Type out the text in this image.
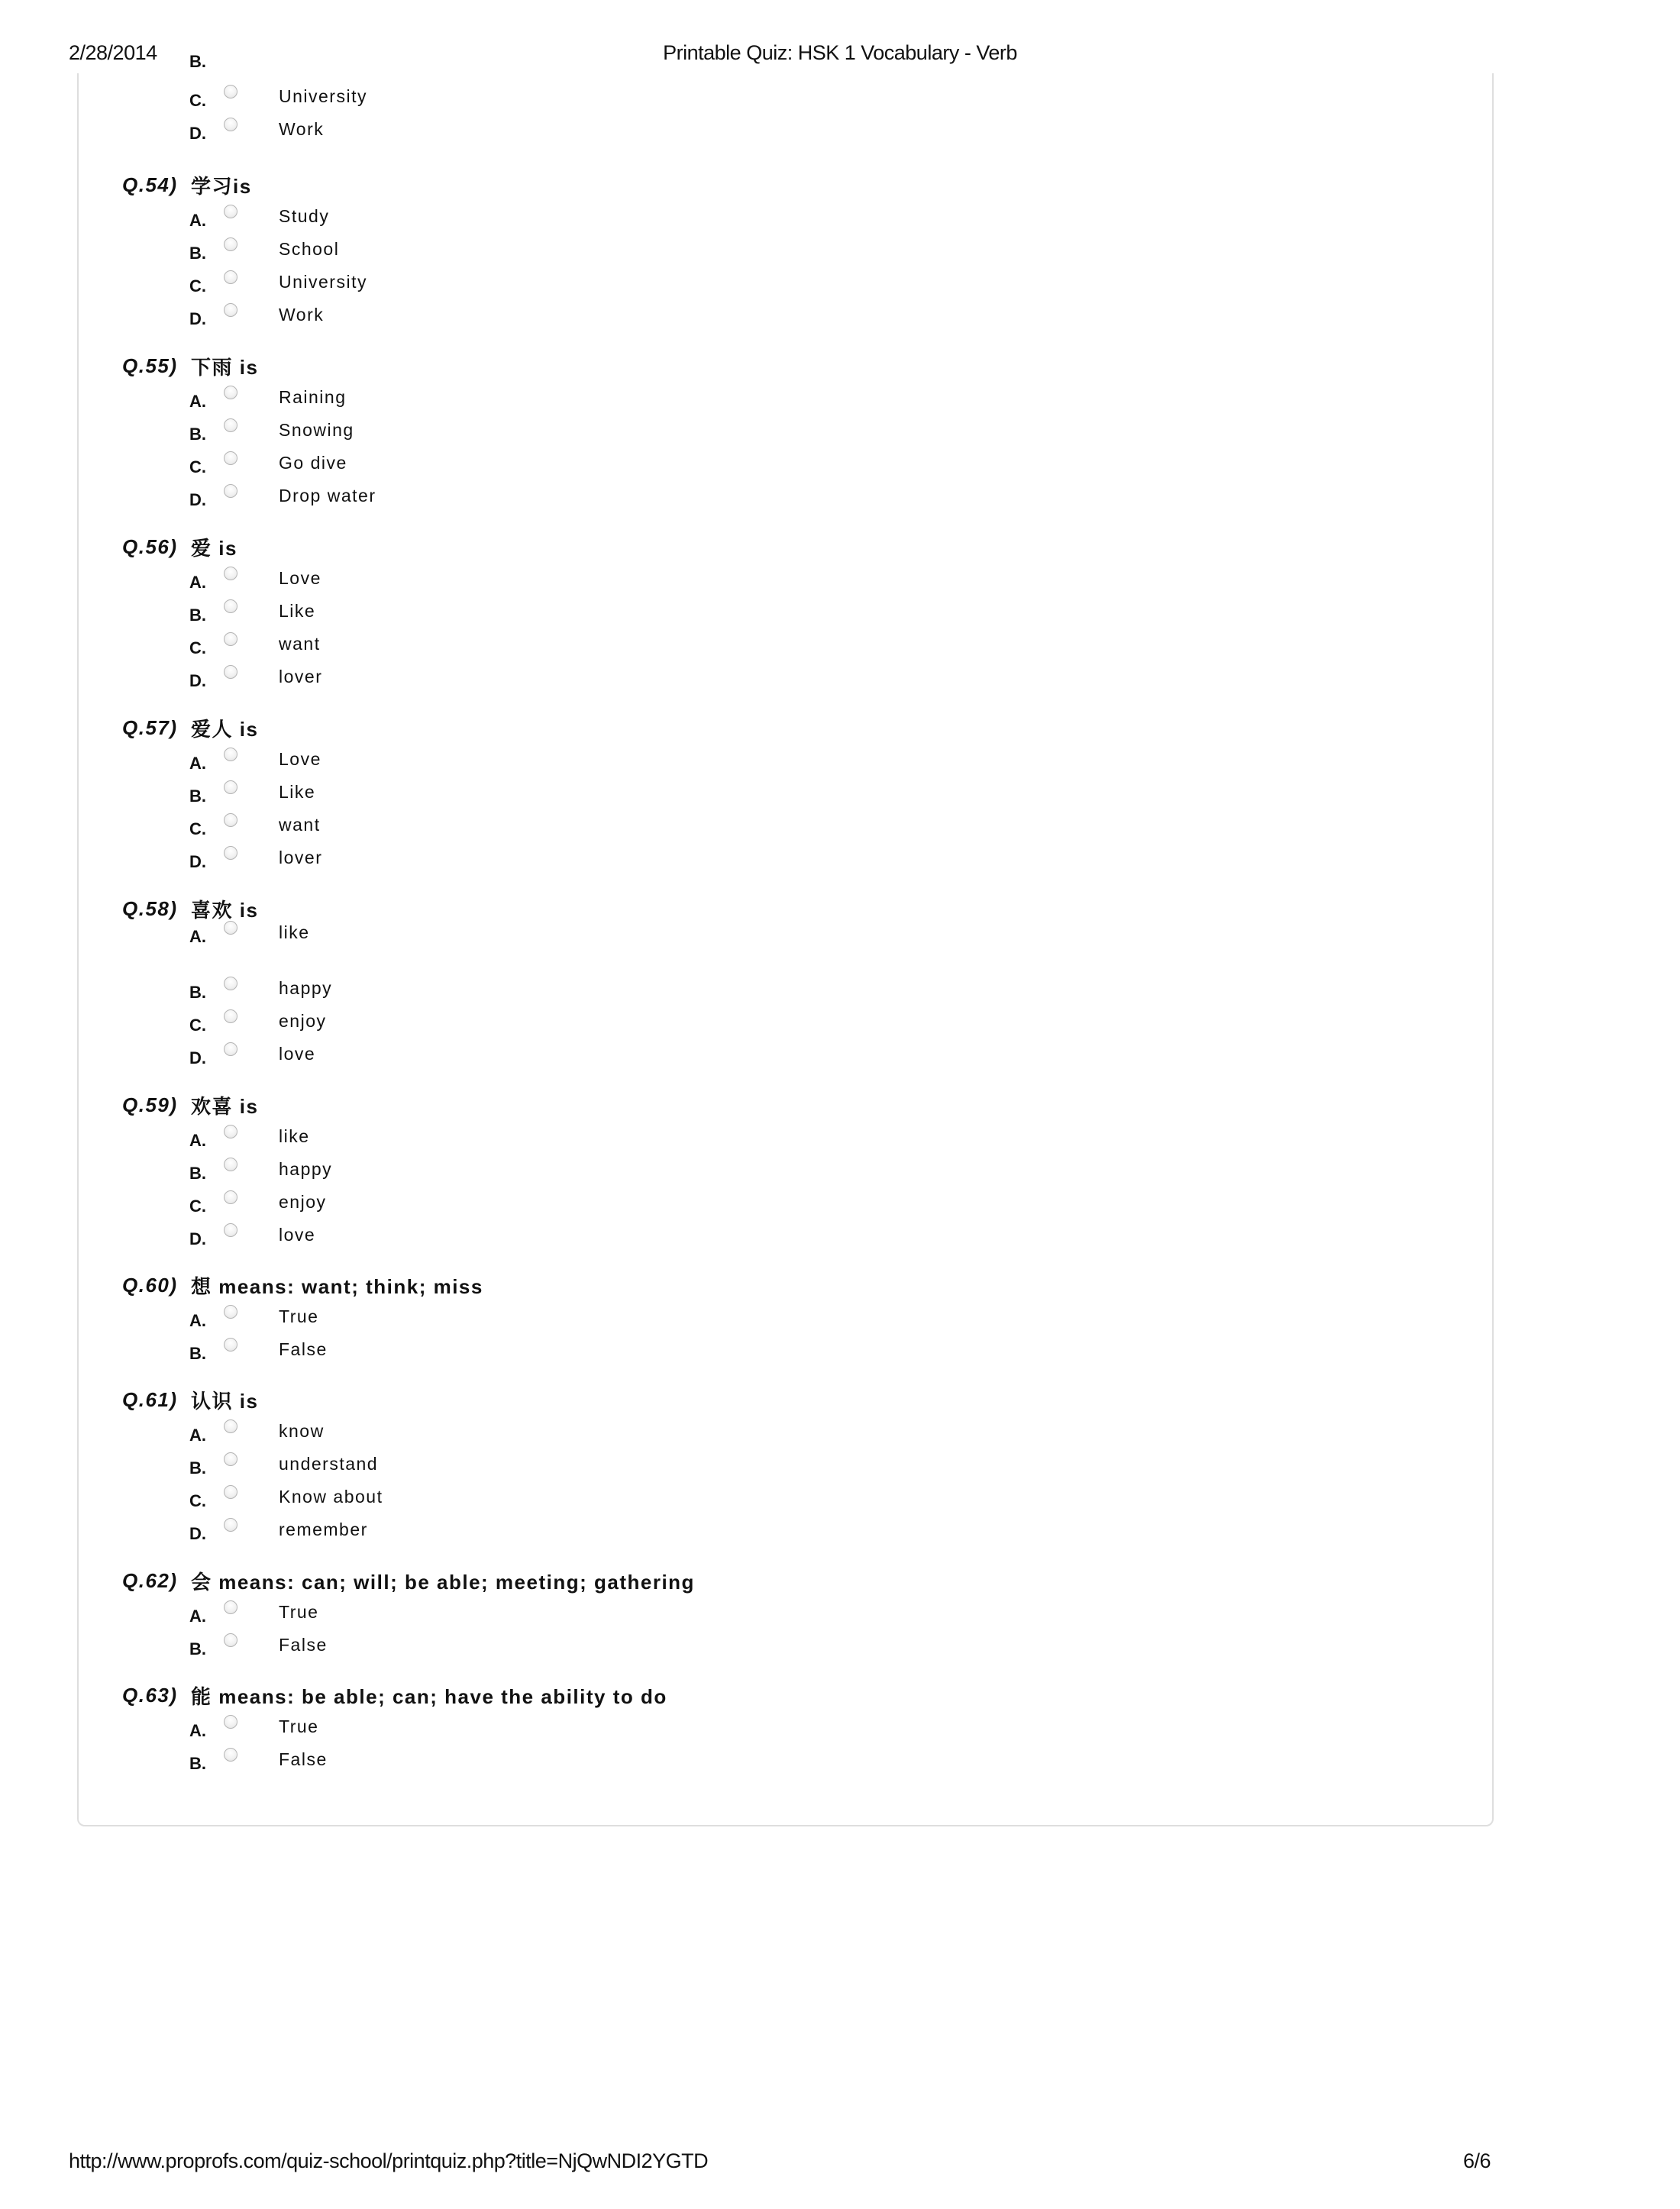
2/28/2014	Printable Quiz: HSK 1 Vocabulary - Verb
B.
C.	University
D.	Work
Q.54) 学习is
A.	Study
B.	School
C.	University
D.	Work
Q.55) 下雨 is
A.	Raining
B.	Snowing
C.	Go dive
D.	Drop water
Q.56) 爱 is
A.	Love
B.	Like
C.	want
D.	lover
Q.57) 爱人 is
A.	Love
B.	Like
C.	want
D.	lover
Q.58) 喜欢 is
A.	like
B.	happy
C.	enjoy
D.	love
Q.59) 欢喜 is
A.	like
B.	happy
C.	enjoy
D.	love
Q.60) 想 means: want; think; miss
A.	True
B.	False
Q.61) 认识 is
A.	know
B.	understand
C.	Know about
D.	remember
Q.62) 会 means: can; will; be able; meeting; gathering
A.	True
B.	False
Q.63) 能 means: be able; can; have the ability to do
A.	True
B.	False
http://www.proprofs.com/quiz-school/printquiz.php?title=NjQwNDI2YGTD	6/6
